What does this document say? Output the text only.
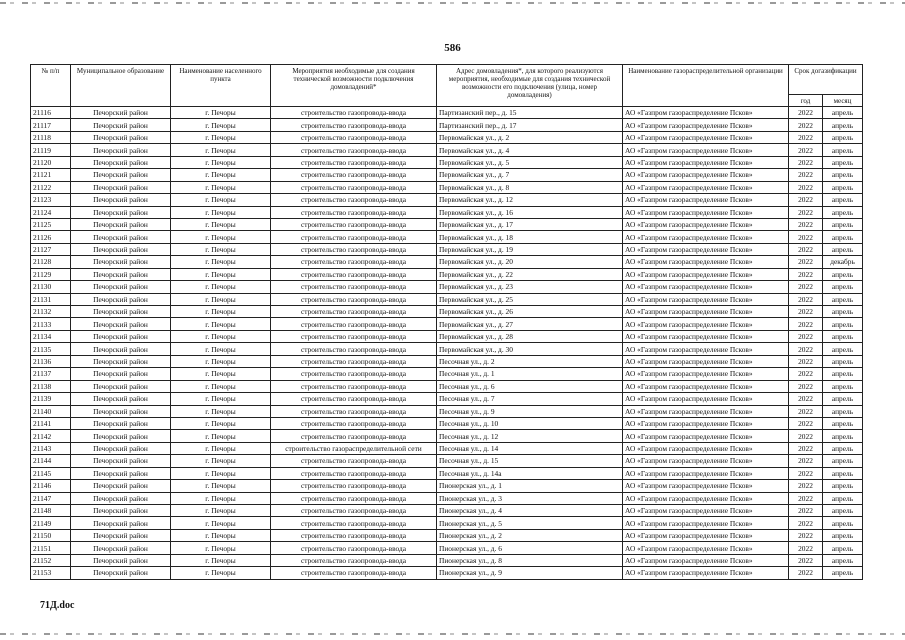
586
№ п/п	Муниципальное образование	Наименование населенного пункта	Мероприятия необходимые для создания технической возможности подключения домовладений*	Адрес домовладения*, для которого реализуются мероприятия, необходимые для создания технической возможности его подключения (улица, номер домовладения)	Наименование газораспределительной организации	Срок догазификации	
						год	месяц
21116	Печорский район	г. Печоры	строительство газопровода-ввода	Партизанский пер., д. 15	АО «Газпром газораспределение Псков»	2022	апрель
21117	Печорский район	г. Печоры	строительство газопровода-ввода	Партизанский пер., д. 17	АО «Газпром газораспределение Псков»	2022	апрель
21118	Печорский район	г. Печоры	строительство газопровода-ввода	Первомайская ул., д. 2	АО «Газпром газораспределение Псков»	2022	апрель
21119	Печорский район	г. Печоры	строительство газопровода-ввода	Первомайская ул., д. 4	АО «Газпром газораспределение Псков»	2022	апрель
21120	Печорский район	г. Печоры	строительство газопровода-ввода	Первомайская ул., д. 5	АО «Газпром газораспределение Псков»	2022	апрель
21121	Печорский район	г. Печоры	строительство газопровода-ввода	Первомайская ул., д. 7	АО «Газпром газораспределение Псков»	2022	апрель
21122	Печорский район	г. Печоры	строительство газопровода-ввода	Первомайская ул., д. 8	АО «Газпром газораспределение Псков»	2022	апрель
21123	Печорский район	г. Печоры	строительство газопровода-ввода	Первомайская ул., д. 12	АО «Газпром газораспределение Псков»	2022	апрель
21124	Печорский район	г. Печоры	строительство газопровода-ввода	Первомайская ул., д. 16	АО «Газпром газораспределение Псков»	2022	апрель
21125	Печорский район	г. Печоры	строительство газопровода-ввода	Первомайская ул., д. 17	АО «Газпром газораспределение Псков»	2022	апрель
21126	Печорский район	г. Печоры	строительство газопровода-ввода	Первомайская ул., д. 18	АО «Газпром газораспределение Псков»	2022	апрель
21127	Печорский район	г. Печоры	строительство газопровода-ввода	Первомайская ул., д. 19	АО «Газпром газораспределение Псков»	2022	апрель
21128	Печорский район	г. Печоры	строительство газопровода-ввода	Первомайская ул., д. 20	АО «Газпром газораспределение Псков»	2022	декабрь
21129	Печорский район	г. Печоры	строительство газопровода-ввода	Первомайская ул., д. 22	АО «Газпром газораспределение Псков»	2022	апрель
21130	Печорский район	г. Печоры	строительство газопровода-ввода	Первомайская ул., д. 23	АО «Газпром газораспределение Псков»	2022	апрель
21131	Печорский район	г. Печоры	строительство газопровода-ввода	Первомайская ул., д. 25	АО «Газпром газораспределение Псков»	2022	апрель
21132	Печорский район	г. Печоры	строительство газопровода-ввода	Первомайская ул., д. 26	АО «Газпром газораспределение Псков»	2022	апрель
21133	Печорский район	г. Печоры	строительство газопровода-ввода	Первомайская ул., д. 27	АО «Газпром газораспределение Псков»	2022	апрель
21134	Печорский район	г. Печоры	строительство газопровода-ввода	Первомайская ул., д. 28	АО «Газпром газораспределение Псков»	2022	апрель
21135	Печорский район	г. Печоры	строительство газопровода-ввода	Первомайская ул., д. 30	АО «Газпром газораспределение Псков»	2022	апрель
21136	Печорский район	г. Печоры	строительство газопровода-ввода	Песочная ул., д. 2	АО «Газпром газораспределение Псков»	2022	апрель
21137	Печорский район	г. Печоры	строительство газопровода-ввода	Песочная ул., д. 1	АО «Газпром газораспределение Псков»	2022	апрель
21138	Печорский район	г. Печоры	строительство газопровода-ввода	Песочная ул., д. 6	АО «Газпром газораспределение Псков»	2022	апрель
21139	Печорский район	г. Печоры	строительство газопровода-ввода	Песочная ул., д. 7	АО «Газпром газораспределение Псков»	2022	апрель
21140	Печорский район	г. Печоры	строительство газопровода-ввода	Песочная ул., д. 9	АО «Газпром газораспределение Псков»	2022	апрель
21141	Печорский район	г. Печоры	строительство газопровода-ввода	Песочная ул., д. 10	АО «Газпром газораспределение Псков»	2022	апрель
21142	Печорский район	г. Печоры	строительство газопровода-ввода	Песочная ул., д. 12	АО «Газпром газораспределение Псков»	2022	апрель
21143	Печорский район	г. Печоры	строительство газораспределительной сети	Песочная ул., д. 14	АО «Газпром газораспределение Псков»	2022	апрель
21144	Печорский район	г. Печоры	строительство газопровода-ввода	Песочная ул., д. 15	АО «Газпром газораспределение Псков»	2022	апрель
21145	Печорский район	г. Печоры	строительство газопровода-ввода	Песочная ул., д. 14а	АО «Газпром газораспределение Псков»	2022	апрель
21146	Печорский район	г. Печоры	строительство газопровода-ввода	Пионерская ул., д. 1	АО «Газпром газораспределение Псков»	2022	апрель
21147	Печорский район	г. Печоры	строительство газопровода-ввода	Пионерская ул., д. 3	АО «Газпром газораспределение Псков»	2022	апрель
21148	Печорский район	г. Печоры	строительство газопровода-ввода	Пионерская ул., д. 4	АО «Газпром газораспределение Псков»	2022	апрель
21149	Печорский район	г. Печоры	строительство газопровода-ввода	Пионерская ул., д. 5	АО «Газпром газораспределение Псков»	2022	апрель
21150	Печорский район	г. Печоры	строительство газопровода-ввода	Пионерская ул., д. 2	АО «Газпром газораспределение Псков»	2022	апрель
21151	Печорский район	г. Печоры	строительство газопровода-ввода	Пионерская ул., д. 6	АО «Газпром газораспределение Псков»	2022	апрель
21152	Печорский район	г. Печоры	строительство газопровода-ввода	Пионерская ул., д. 8	АО «Газпром газораспределение Псков»	2022	апрель
21153	Печорский район	г. Печоры	строительство газопровода-ввода	Пионерская ул., д. 9	АО «Газпром газораспределение Псков»	2022	апрель
71Д.doc
